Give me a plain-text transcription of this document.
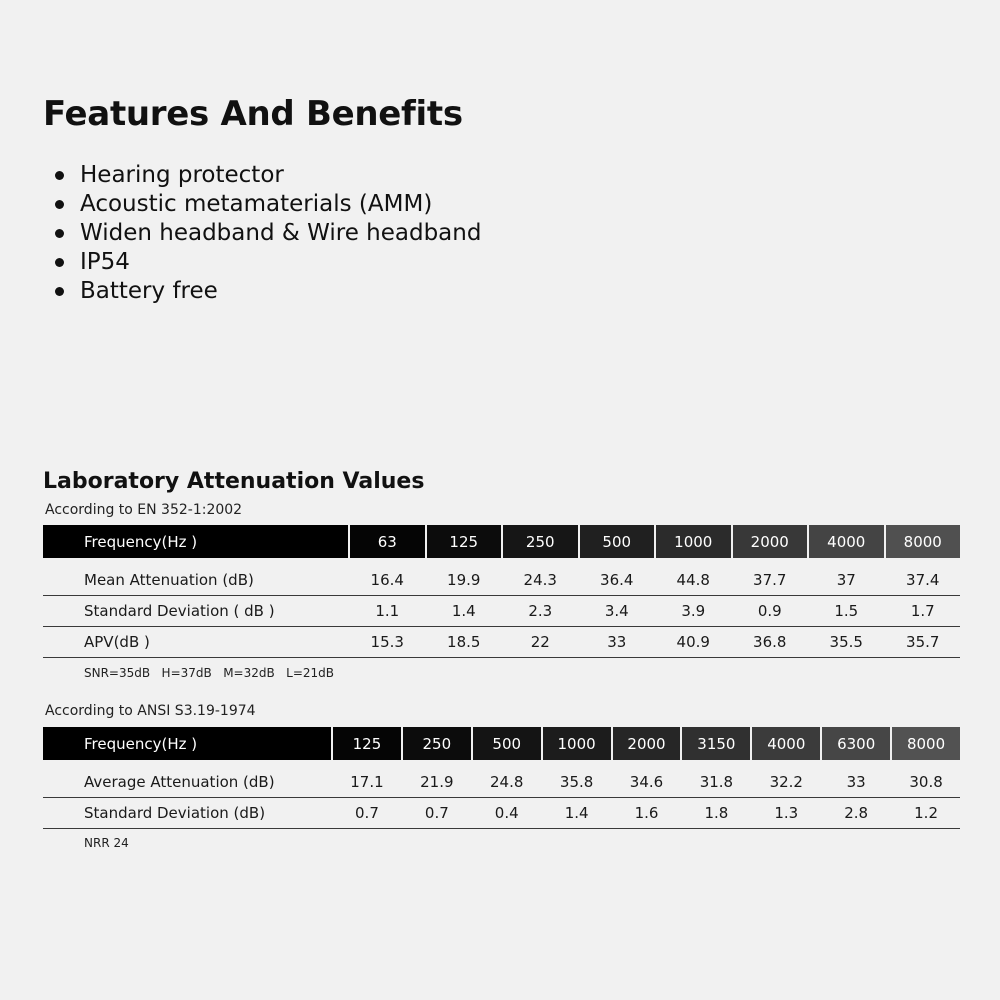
Features And Benefits
Hearing protector
Acoustic metamaterials (AMM)
Widen headband & Wire headband
IP54
Battery free
Laboratory Attenuation Values
According to EN 352-1:2002
Frequency(Hz )	63	125	250	500	1000	2000	4000	8000
Mean Attenuation (dB)	16.4	19.9	24.3	36.4	44.8	37.7	37	37.4
Standard Deviation ( dB )	1.1	1.4	2.3	3.4	3.9	0.9	1.5	1.7
APV(dB )	15.3	18.5	22	33	40.9	36.8	35.5	35.7
SNR=35dB   H=37dB   M=32dB   L=21dB
According to ANSI S3.19-1974
Frequency(Hz )	125	250	500	1000	2000	3150	4000	6300	8000
Average Attenuation (dB)	17.1	21.9	24.8	35.8	34.6	31.8	32.2	33	30.8
Standard Deviation (dB)	0.7	0.7	0.4	1.4	1.6	1.8	1.3	2.8	1.2
NRR 24
